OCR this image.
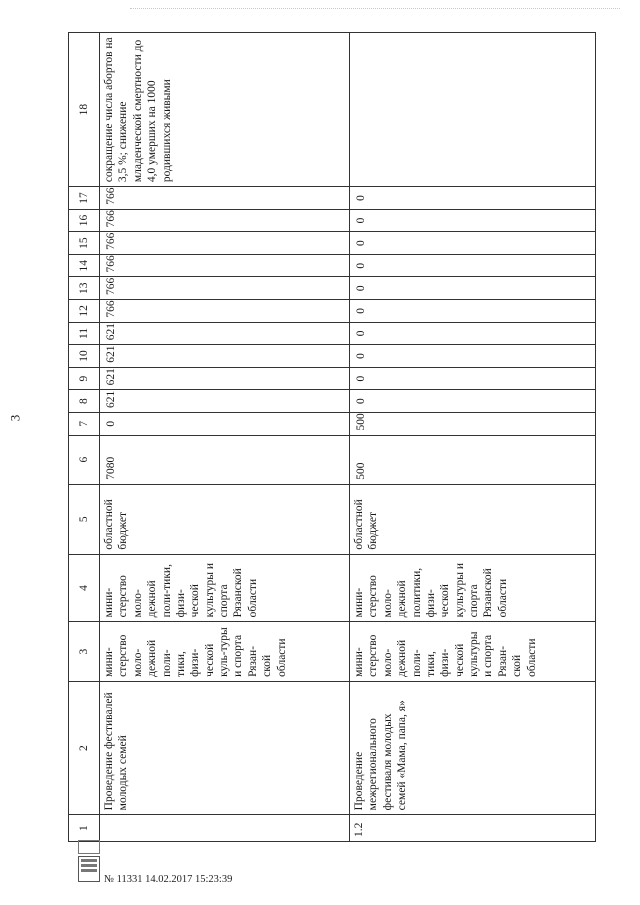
3
1	2	3	4	5	6	7	8	9	10	11	12	13	14	15	16	17	18
	Проведение фестивалей молодых семей	мини-стерство моло-дежной поли-тики, физи-ческой куль-туры и спорта Рязан-ской области	мини-стерство моло-дежной поли-тики, физи-ческой культуры и спорта Рязанской области	областной бюджет	7080	0	621	621	621	621	766	766	766	766	766	766	сокращение числа абортов на 3,5 %; снижение младенческой смертности до 4,0 умерших на 1000 родившихся живыми
1.2	Проведение межрегионального фестиваля молодых семей «Мама, папа, я»	мини-стерство моло-дежной поли-тики, физи-ческой культуры и спорта Рязан-ской области	мини-стерство моло-дежной политики, физи-ческой культуры и спорта Рязанской области	областной бюджет	500	500	0	0	0	0	0	0	0	0	0	0	
№ 11331 14.02.2017 15:23:39
